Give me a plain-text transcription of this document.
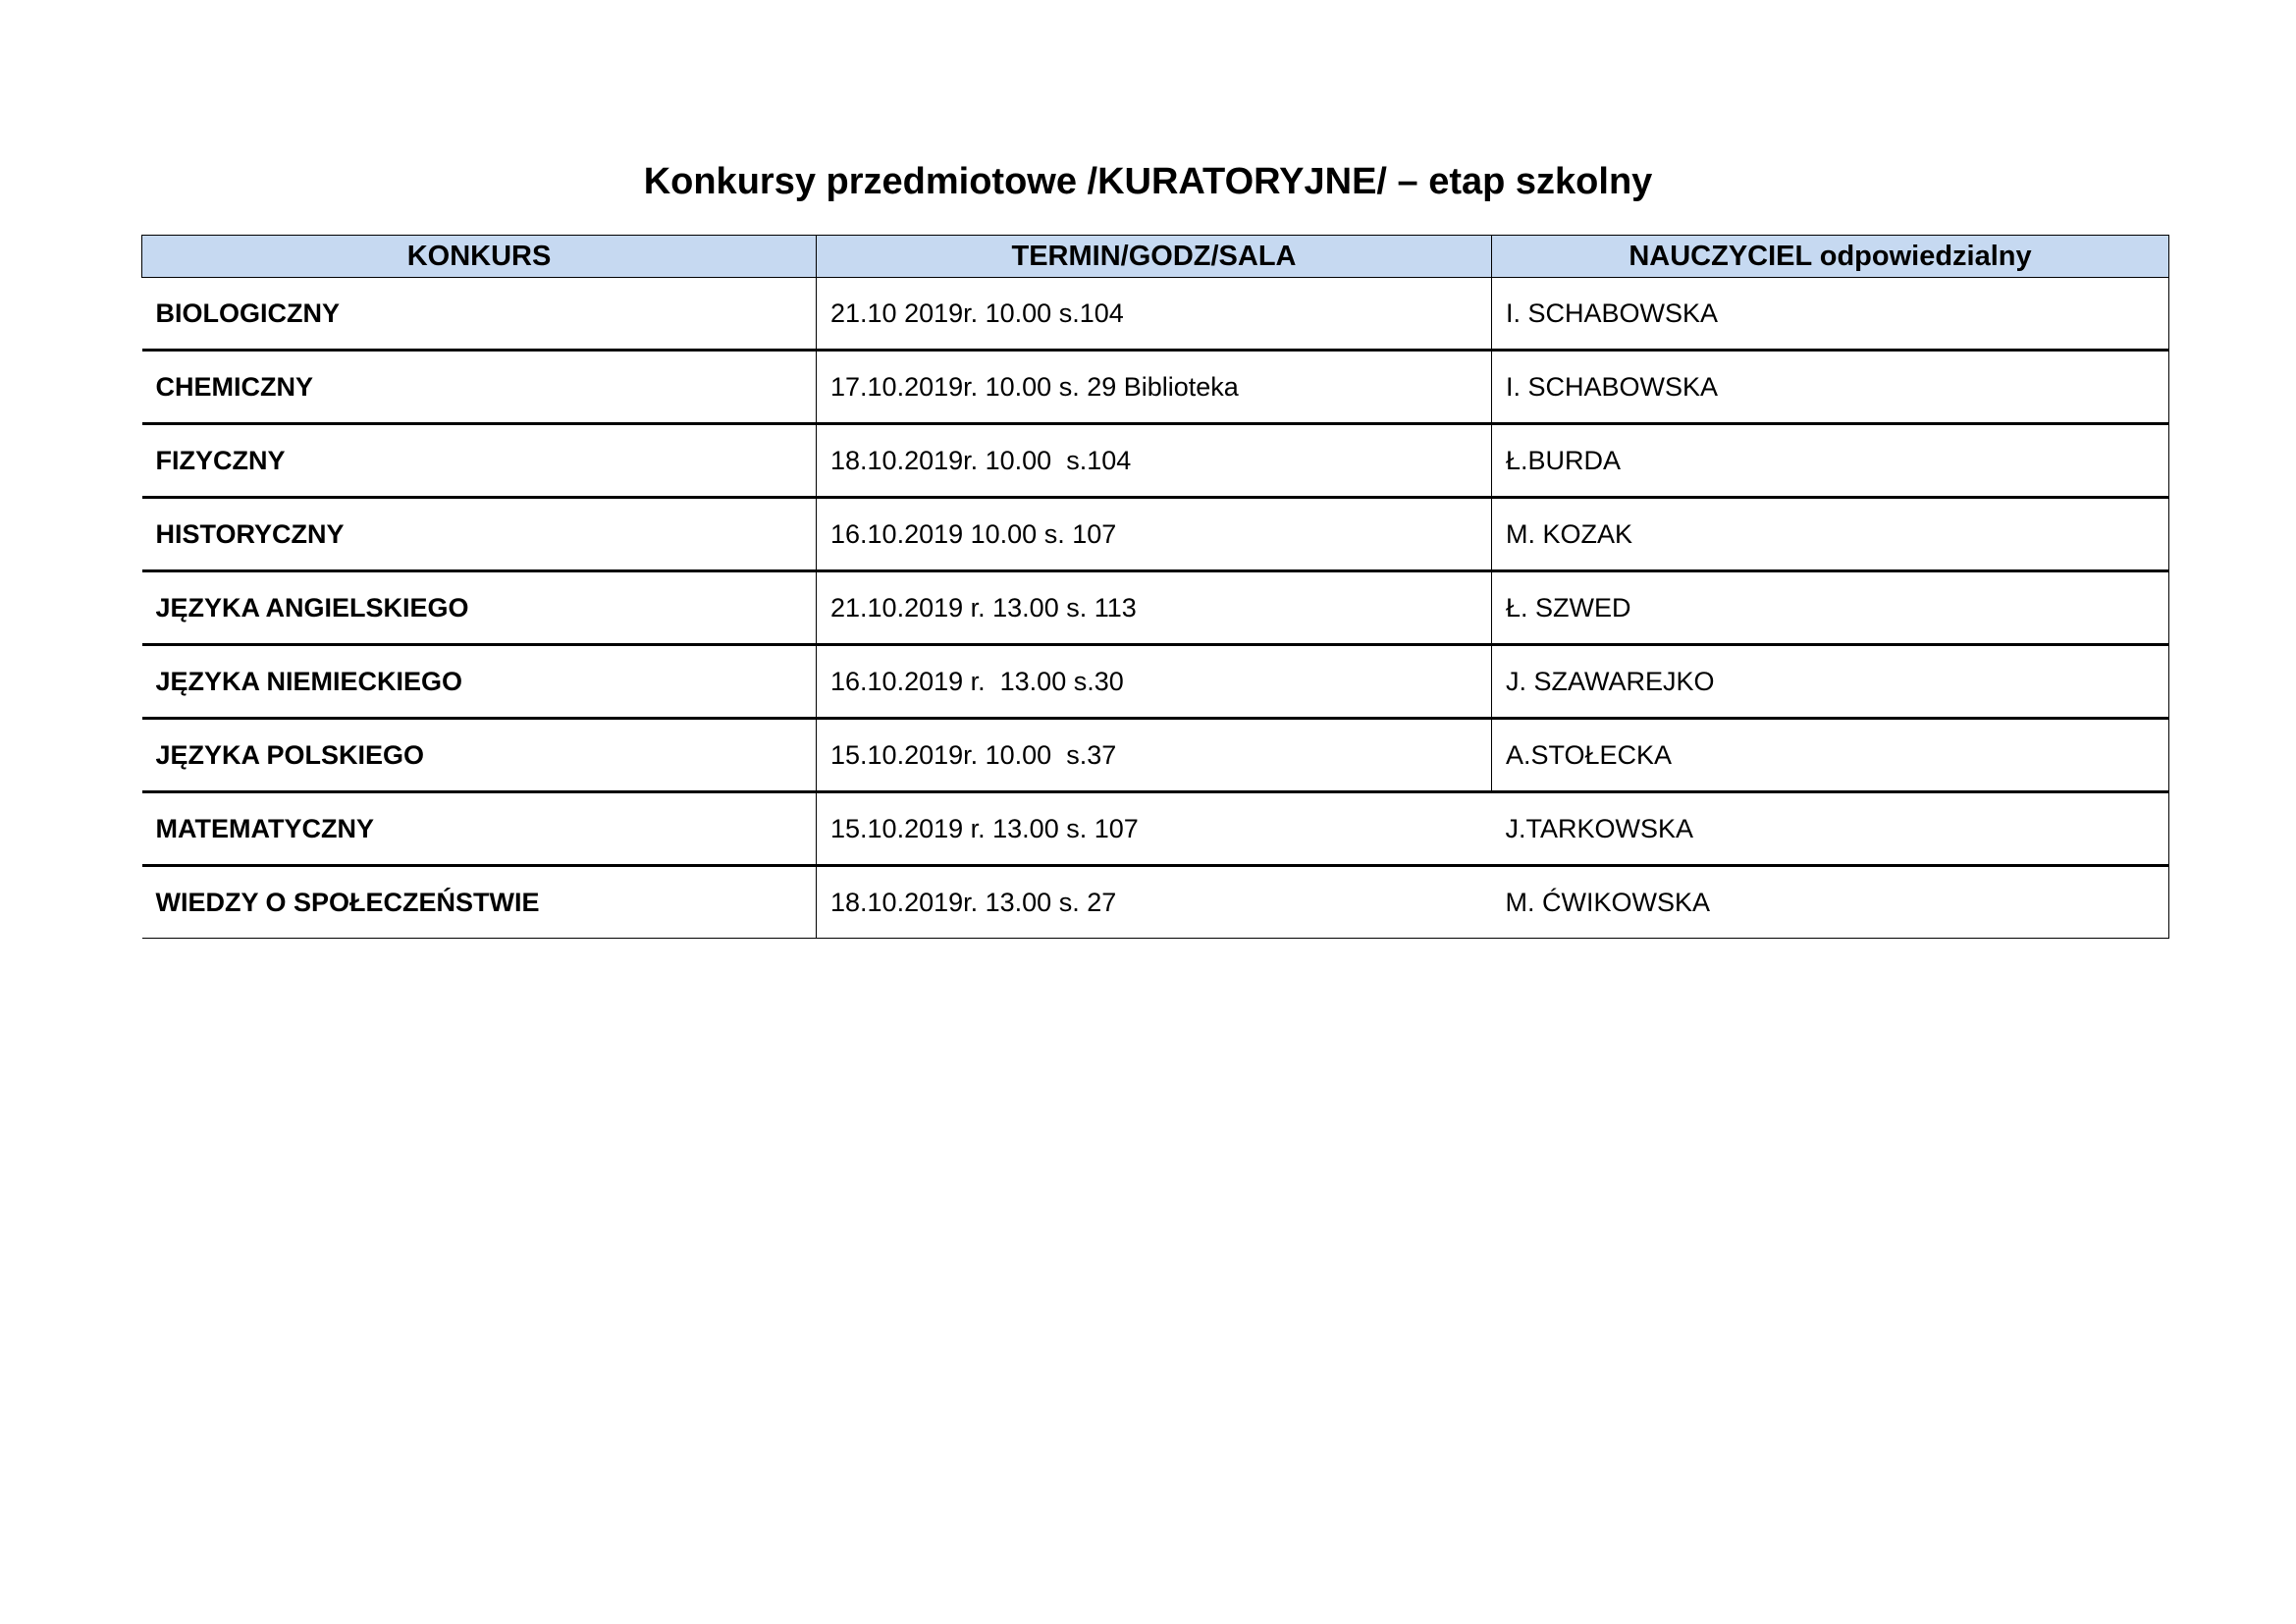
Konkursy przedmiotowe /KURATORYJNE/ – etap szkolny
KONKURS	TERMIN/GODZ/SALA	NAUCZYCIEL odpowiedzialny
BIOLOGICZNY	21.10 2019r. 10.00 s.104	I. SCHABOWSKA
CHEMICZNY	17.10.2019r. 10.00 s. 29 Biblioteka	I. SCHABOWSKA
FIZYCZNY	18.10.2019r. 10.00  s.104	Ł.BURDA
HISTORYCZNY	16.10.2019 10.00 s. 107	M. KOZAK
JĘZYKA ANGIELSKIEGO	21.10.2019 r. 13.00 s. 113	Ł. SZWED
JĘZYKA NIEMIECKIEGO	16.10.2019 r.  13.00 s.30	J. SZAWAREJKO
JĘZYKA POLSKIEGO	15.10.2019r. 10.00  s.37	A.STOŁECKA
MATEMATYCZNY	15.10.2019 r. 13.00 s. 107	J.TARKOWSKA
WIEDZY O SPOŁECZEŃSTWIE	18.10.2019r. 13.00 s. 27	M. ĆWIKOWSKA
